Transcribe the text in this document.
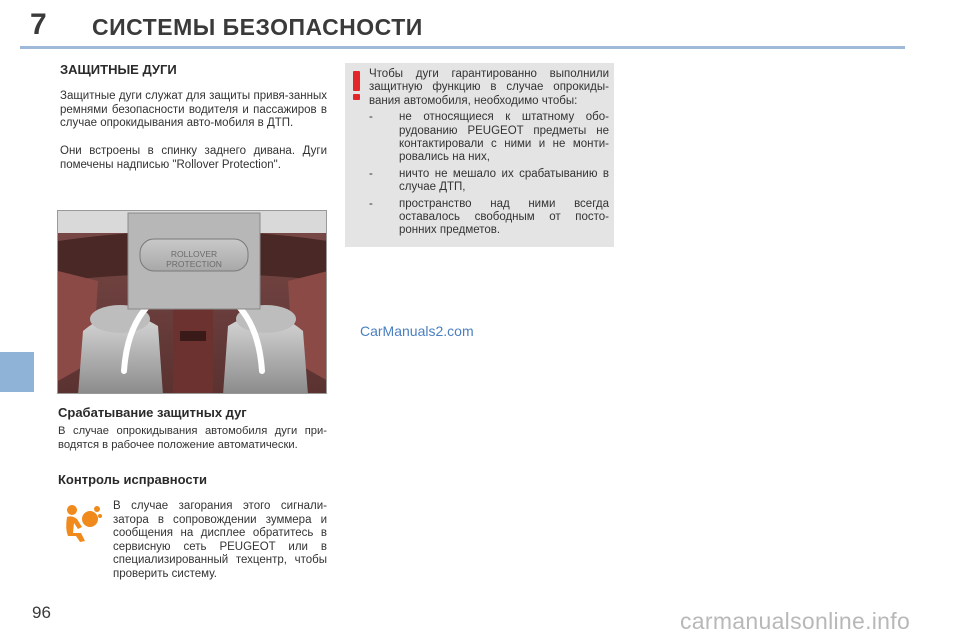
7 СИСТЕМЫ БЕЗОПАСНОСТИ
ЗАЩИТНЫЕ ДУГИ
Защитные дуги служат для защиты привя-занных ремнями безопасности водителя и пассажиров в случае опрокидывания авто-мобиля в ДТП.
Они встроены в спинку заднего дивана. Дуги помечены надписью "Rollover Protection".
ROLLOVER
PROTECTION
Срабатывание защитных дуг
В случае опрокидывания автомобиля дуги при-водятся в рабочее положение автоматически.
Контроль исправности
В случае загорания этого сигнали-затора в сопровождении зуммера и сообщения на дисплее обратитесь в сервисную сеть PEUGEOT или в специализированный техцентр, чтобы проверить систему.
Чтобы дуги гарантированно выполнили защитную функцию в случае опрокиды-вания автомобиля, необходимо чтобы:
- не относящиеся к штатному обо-рудованию PEUGEOT предметы не контактировали с ними и не монти-ровались на них,
- ничто не мешало их срабатыванию в случае ДТП,
- пространство над ними всегда оставалось свободным от посто-ронних предметов.
CarManuals2.com
96	carmanualsonline.info
